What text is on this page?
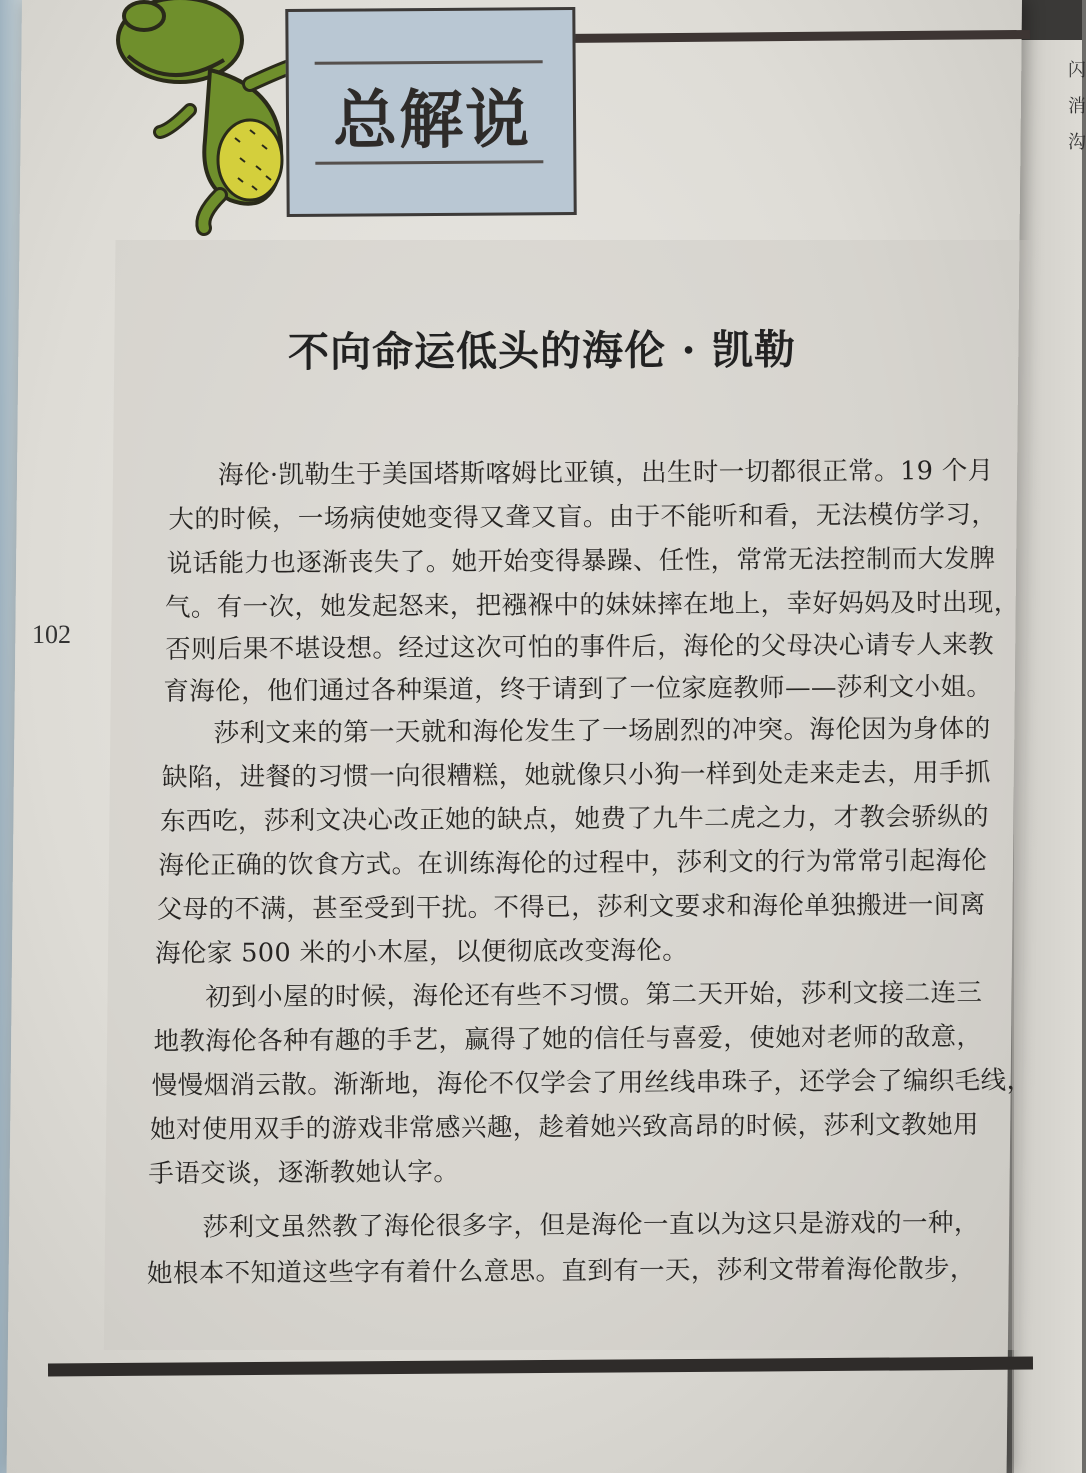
闪
消
沟
总解说
不向命运低头的海伦 · 凯勒
102
海伦·凯勒生于美国塔斯喀姆比亚镇，出生时一切都很正常。19 个月
大的时候，一场病使她变得又聋又盲。由于不能听和看，无法模仿学习，
说话能力也逐渐丧失了。她开始变得暴躁、任性，常常无法控制而大发脾
气。有一次，她发起怒来，把襁褓中的妹妹摔在地上，幸好妈妈及时出现，
否则后果不堪设想。经过这次可怕的事件后，海伦的父母决心请专人来教
育海伦，他们通过各种渠道，终于请到了一位家庭教师——莎利文小姐。
莎利文来的第一天就和海伦发生了一场剧烈的冲突。海伦因为身体的
缺陷，进餐的习惯一向很糟糕，她就像只小狗一样到处走来走去，用手抓
东西吃，莎利文决心改正她的缺点，她费了九牛二虎之力，才教会骄纵的
海伦正确的饮食方式。在训练海伦的过程中，莎利文的行为常常引起海伦
父母的不满，甚至受到干扰。不得已，莎利文要求和海伦单独搬进一间离
海伦家 500 米的小木屋，以便彻底改变海伦。
初到小屋的时候，海伦还有些不习惯。第二天开始，莎利文接二连三
地教海伦各种有趣的手艺，赢得了她的信任与喜爱，使她对老师的敌意，
慢慢烟消云散。渐渐地，海伦不仅学会了用丝线串珠子，还学会了编织毛线，
她对使用双手的游戏非常感兴趣，趁着她兴致高昂的时候，莎利文教她用
手语交谈，逐渐教她认字。
莎利文虽然教了海伦很多字，但是海伦一直以为这只是游戏的一种，
她根本不知道这些字有着什么意思。直到有一天，莎利文带着海伦散步，
